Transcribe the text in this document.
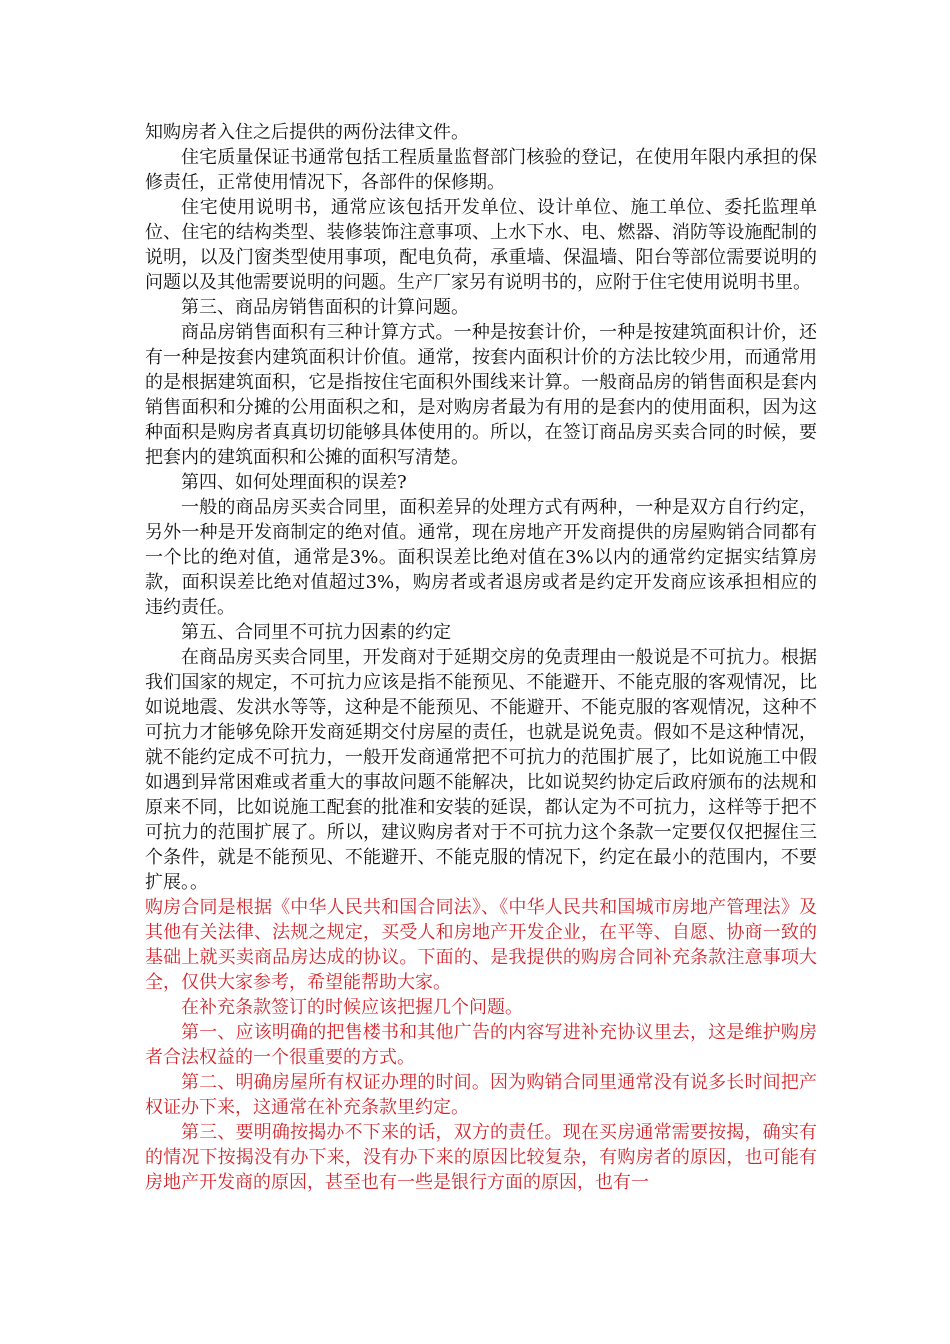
知购房者入住之后提供的两份法律文件。

住宅质量保证书通常包括工程质量监督部门核验的登记，在使用年限内承担的保修责任，正常使用情况下，各部件的保修期。

住宅使用说明书，通常应该包括开发单位、设计单位、施工单位、委托监理单位、住宅的结构类型、装修装饰注意事项、上水下水、电、燃器、消防等设施配制的说明，以及门窗类型使用事项，配电负荷，承重墙、保温墙、阳台等部位需要说明的问题以及其他需要说明的问题。生产厂家另有说明书的，应附于住宅使用说明书里。

第三、商品房销售面积的计算问题。

商品房销售面积有三种计算方式。一种是按套计价，一种是按建筑面积计价，还有一种是按套内建筑面积计价值。通常，按套内面积计价的方法比较少用，而通常用的是根据建筑面积，它是指按住宅面积外围线来计算。一般商品房的销售面积是套内销售面积和分摊的公用面积之和，是对购房者最为有用的是套内的使用面积，因为这种面积是购房者真真切切能够具体使用的。所以，在签订商品房买卖合同的时候，要把套内的建筑面积和公摊的面积写清楚。

第四、如何处理面积的误差?

一般的商品房买卖合同里，面积差异的处理方式有两种，一种是双方自行约定，另外一种是开发商制定的绝对值。通常，现在房地产开发商提供的房屋购销合同都有一个比的绝对值，通常是3%。面积误差比绝对值在3%以内的通常约定据实结算房款，面积误差比绝对值超过3%，购房者或者退房或者是约定开发商应该承担相应的违约责任。

第五、合同里不可抗力因素的约定

在商品房买卖合同里，开发商对于延期交房的免责理由一般说是不可抗力。根据我们国家的规定，不可抗力应该是指不能预见、不能避开、不能克服的客观情况，比如说地震、发洪水等等，这种是不能预见、不能避开、不能克服的客观情况，这种不可抗力才能够免除开发商延期交付房屋的责任，也就是说免责。假如不是这种情况，就不能约定成不可抗力，一般开发商通常把不可抗力的范围扩展了，比如说施工中假如遇到异常困难或者重大的事故问题不能解决，比如说契约协定后政府颁布的法规和原来不同，比如说施工配套的批准和安装的延误，都认定为不可抗力，这样等于把不可抗力的范围扩展了。所以，建议购房者对于不可抗力这个条款一定要仅仅把握住三个条件，就是不能预见、不能避开、不能克服的情况下，约定在最小的范围内，不要扩展。。

购房合同是根据《中华人民共和国合同法》、《中华人民共和国城市房地产管理法》及其他有关法律、法规之规定，买受人和房地产开发企业，在平等、自愿、协商一致的基础上就买卖商品房达成的协议。下面的、是我提供的购房合同补充条款注意事项大全，仅供大家参考，希望能帮助大家。

在补充条款签订的时候应该把握几个问题。

第一、应该明确的把售楼书和其他广告的内容写进补充协议里去，这是维护购房者合法权益的一个很重要的方式。

第二、明确房屋所有权证办理的时间。因为购销合同里通常没有说多长时间把产权证办下来，这通常在补充条款里约定。

第三、要明确按揭办不下来的话，双方的责任。现在买房通常需要按揭，确实有的情况下按揭没有办下来，没有办下来的原因比较复杂，有购房者的原因，也可能有房地产开发商的原因，甚至也有一些是银行方面的原因，也有一
